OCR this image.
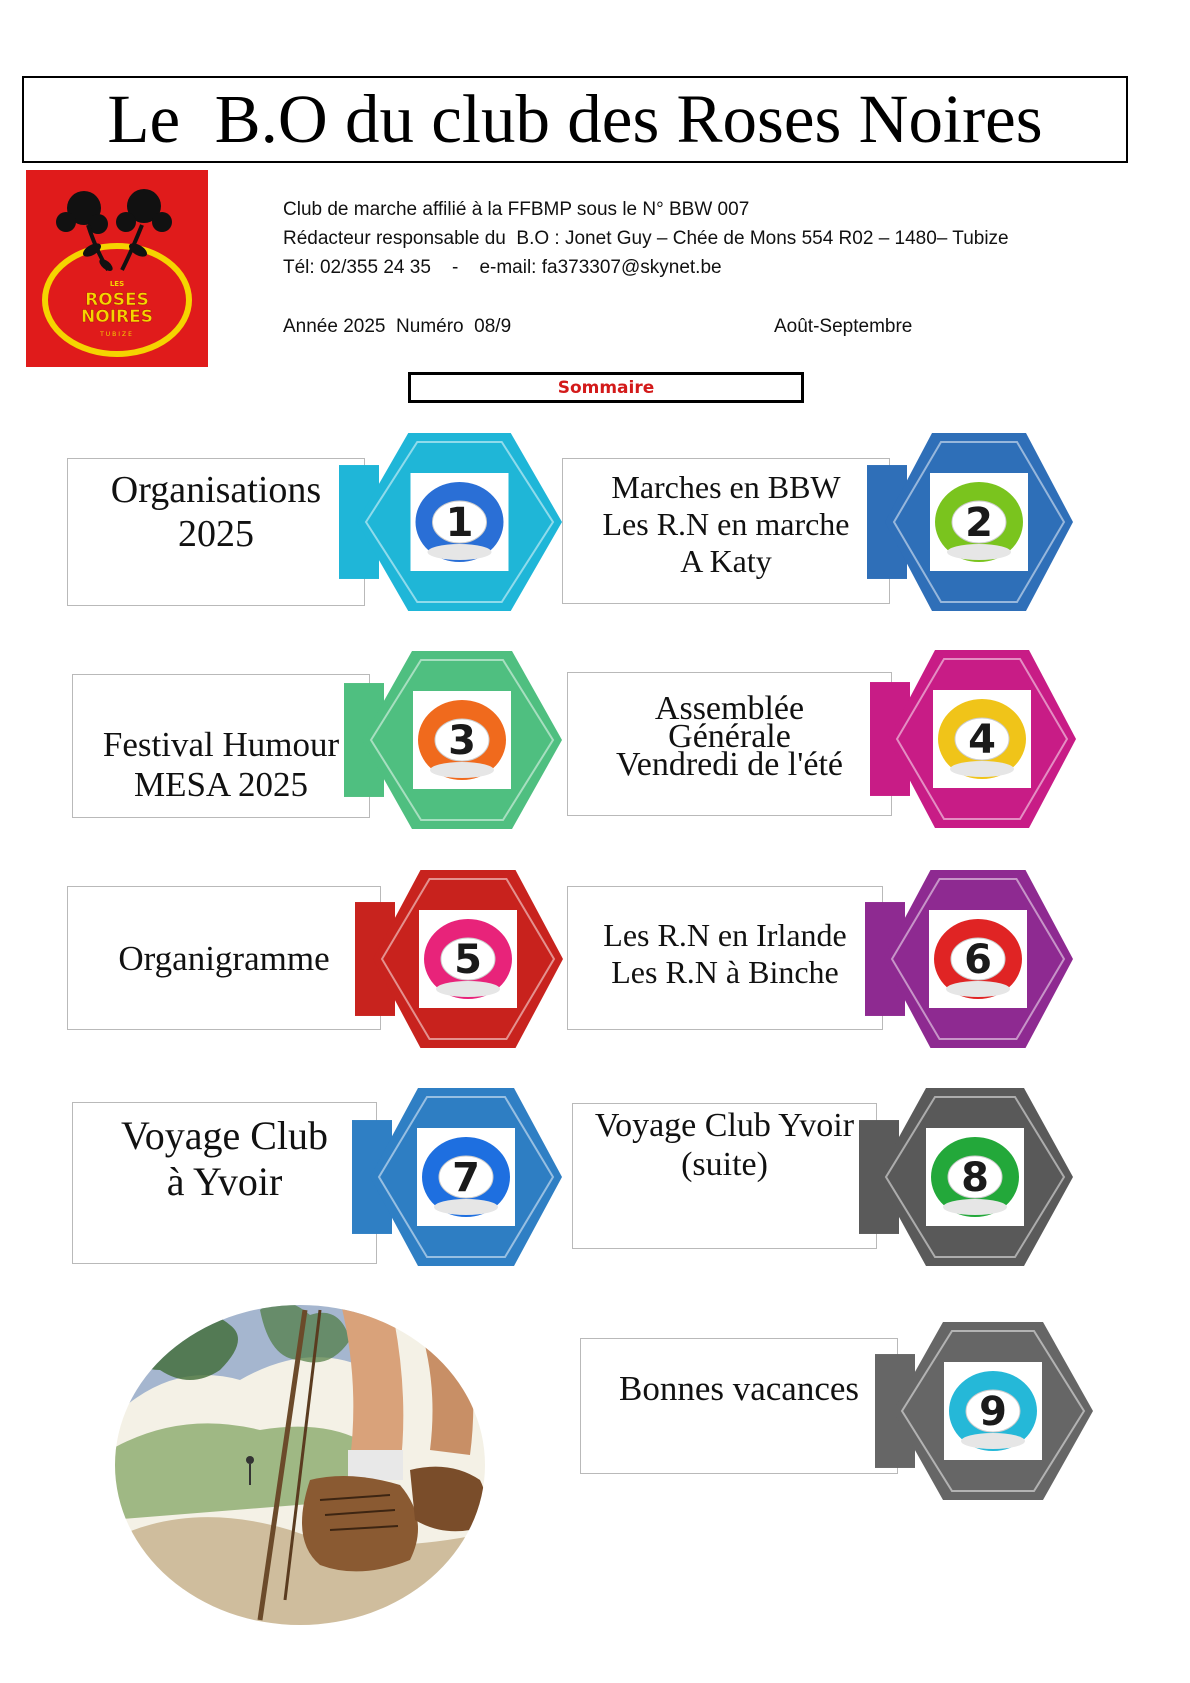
Le  B.O du club des Roses Noires
LES
ROSES
NOIRES
TUBIZE
Club de marche affilié à la FFBMP sous le N° BBW 007
Rédacteur responsable du  B.O : Jonet Guy – Chée de Mons 554 R02 – 1480– Tubize
Tél: 02/355 24 35    -    e-mail: fa373307@skynet.be
Année 2025  Numéro  08/9	Août-Septembre
Sommaire
Organisations
2025	1
Marches en BBW
Les R.N en marche
A Katy
2
Festival Humour
MESA 2025
3
Assemblée
Générale
Vendredi de l'été
4
Organigramme	5
Les R.N en Irlande
Les R.N à Binche	6
Voyage Club
à Yvoir	7
Voyage Club Yvoir
(suite)	8
Bonnes vacances
9
